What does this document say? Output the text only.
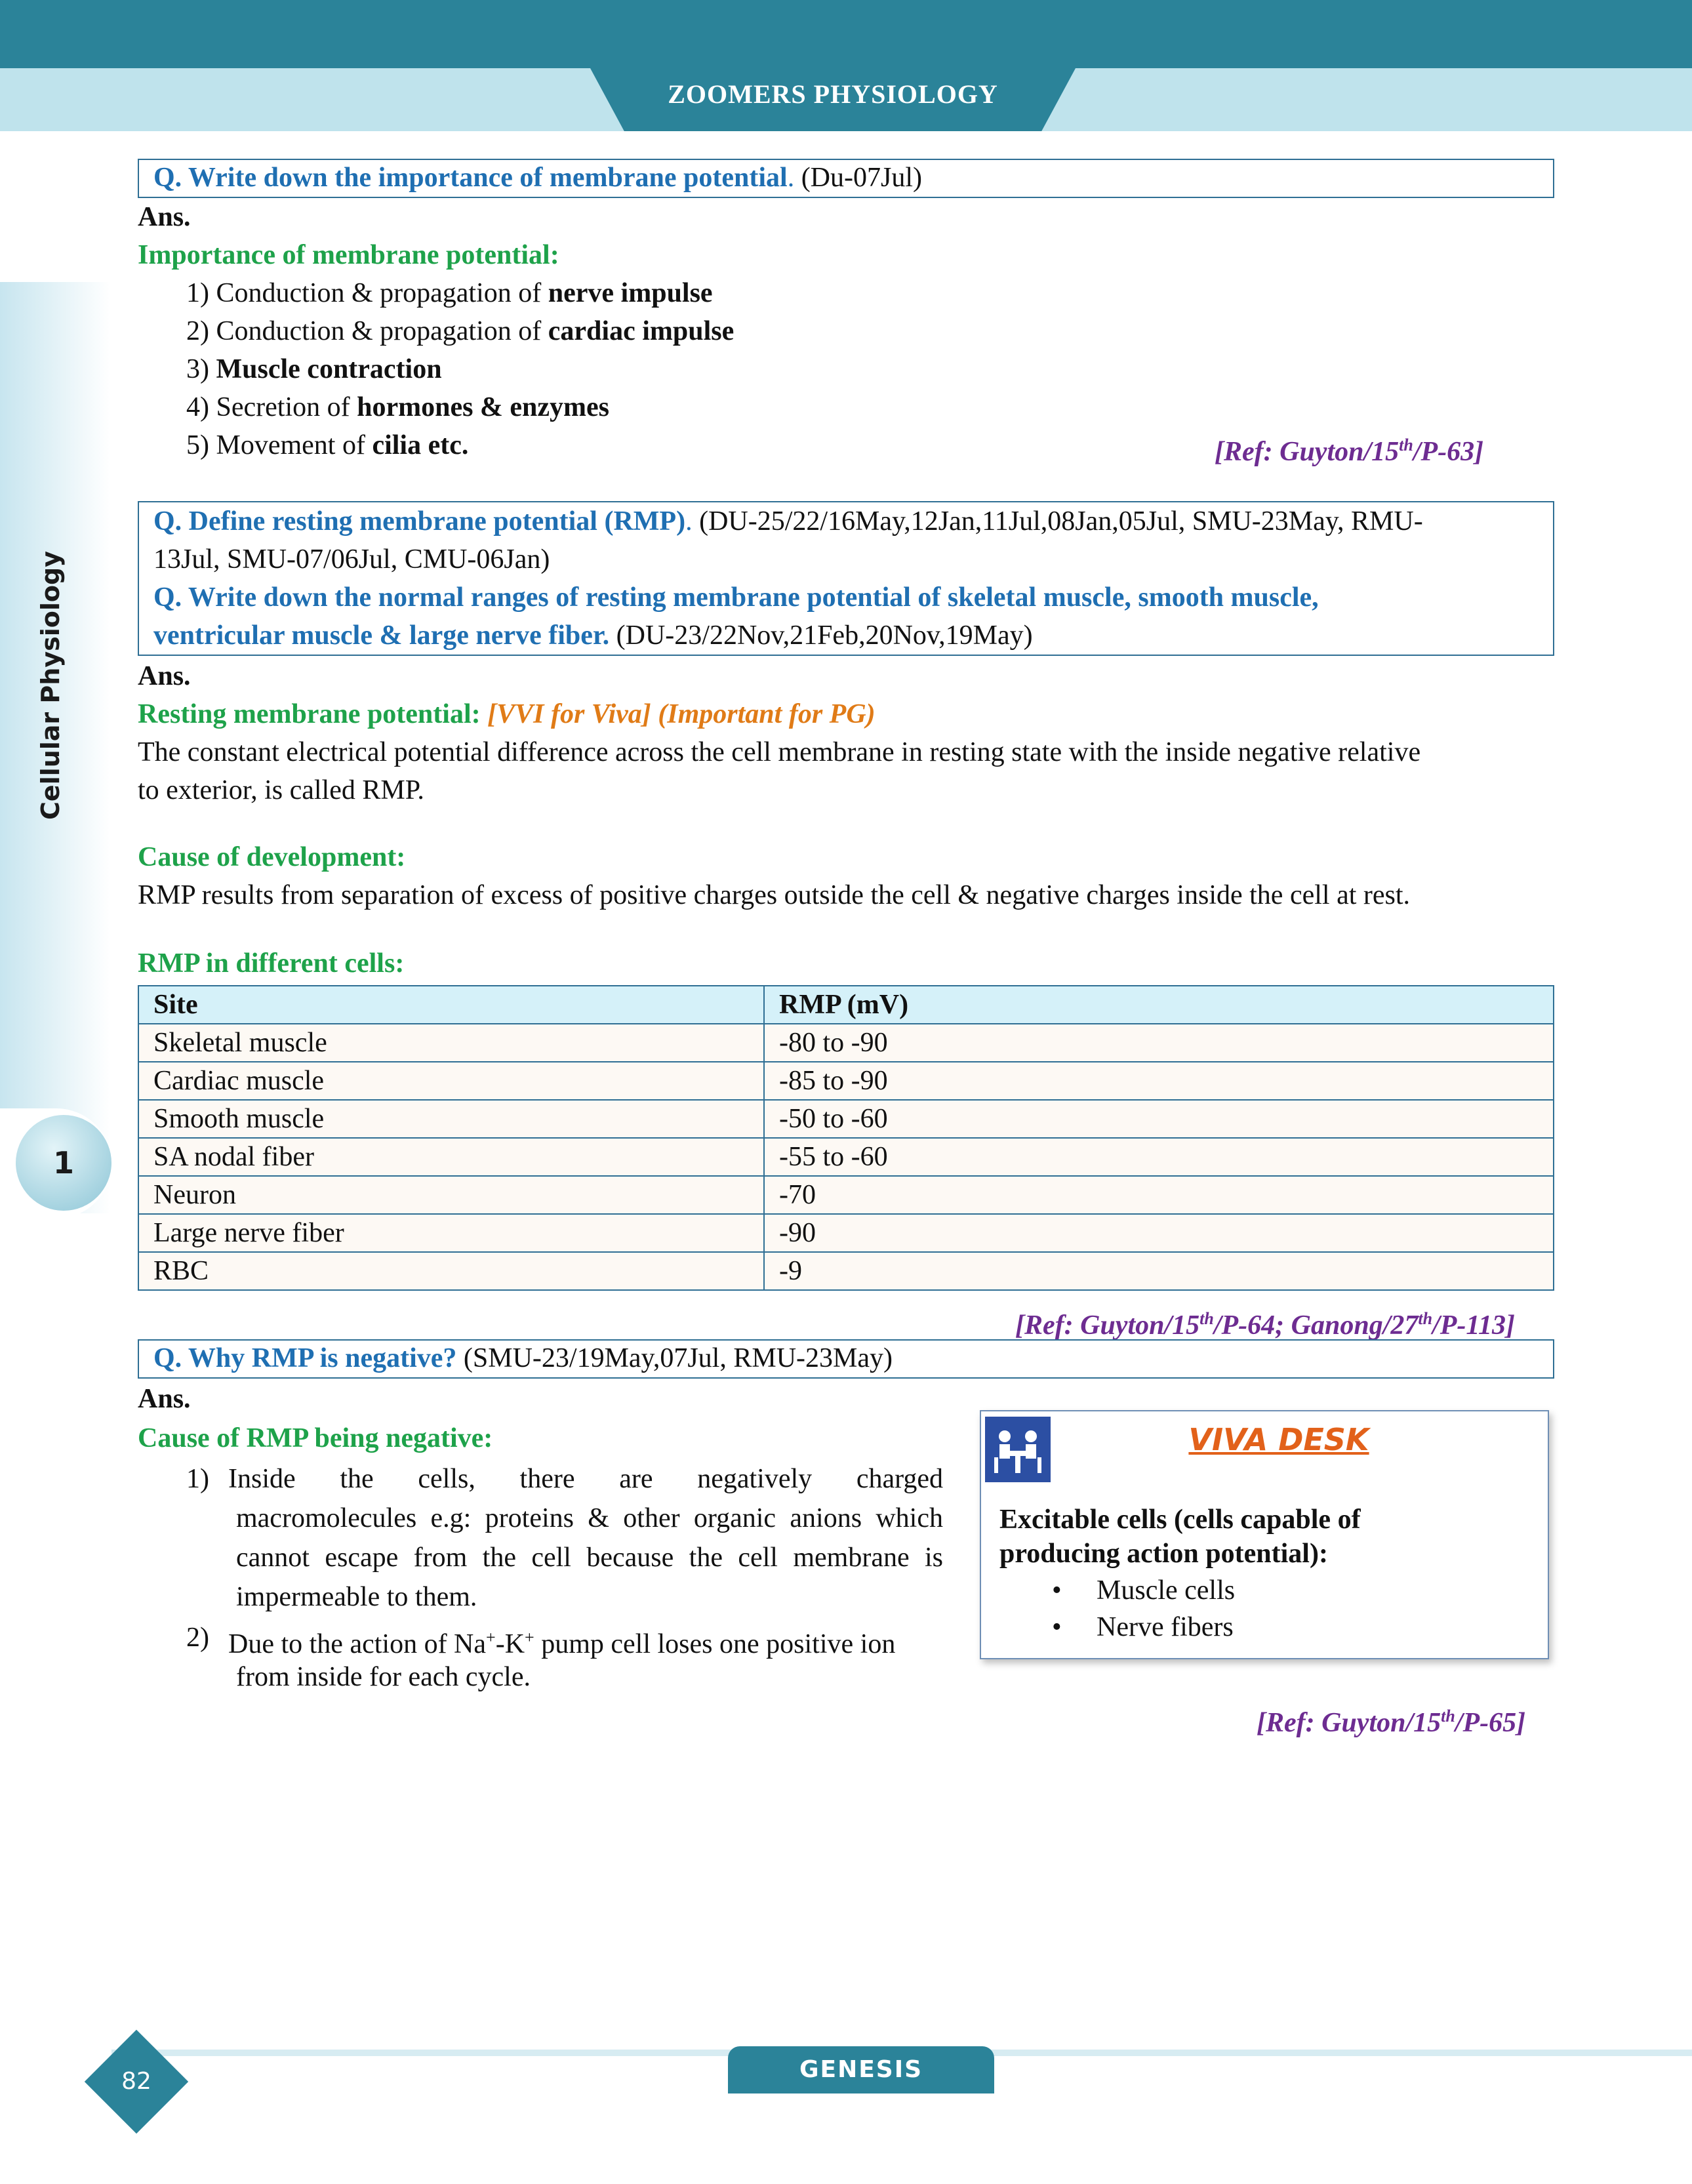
ZOOMERS PHYSIOLOGY
Cellular Physiology
1
Q. Write down the importance of membrane potential. (Du-07Jul)
Ans.
Importance of membrane potential:
1) Conduction & propagation of nerve impulse
2) Conduction & propagation of cardiac impulse
3) Muscle contraction
4) Secretion of hormones & enzymes
5) Movement of cilia etc.	[Ref: Guyton/15th/P-63]
Q. Define resting membrane potential (RMP). (DU-25/22/16May,12Jan,11Jul,08Jan,05Jul, SMU-23May, RMU-
13Jul, SMU-07/06Jul, CMU-06Jan)
Q. Write down the normal ranges of resting membrane potential of skeletal muscle, smooth muscle,
ventricular muscle & large nerve fiber. (DU-23/22Nov,21Feb,20Nov,19May)
Ans.
Resting membrane potential: [VVI for Viva] (Important for PG)
The constant electrical potential difference across the cell membrane in resting state with the inside negative relative
to exterior, is called RMP.
Cause of development:
RMP results from separation of excess of positive charges outside the cell & negative charges inside the cell at rest.
RMP in different cells:
Site	RMP (mV)
Skeletal muscle	-80 to -90
Cardiac muscle	-85 to -90
Smooth muscle	-50 to -60
SA nodal fiber	-55 to -60
Neuron	-70
Large nerve fiber	-90
RBC	-9
[Ref: Guyton/15th/P-64; Ganong/27th/P-113]
Q. Why RMP is negative? (SMU-23/19May,07Jul, RMU-23May)
Ans.
Cause of RMP being negative:
1) Inside the cells, there are negatively charged
macromolecules e.g: proteins & other organic anions which
cannot escape from the cell because the cell membrane is
impermeable to them.
2) Due to the action of Na+-K+ pump cell loses one positive ion
from inside for each cycle.
VIVA DESK
Excitable cells (cells capable of
producing action potential):
• Muscle cells
• Nerve fibers
[Ref: Guyton/15th/P-65]
GENESIS
82
